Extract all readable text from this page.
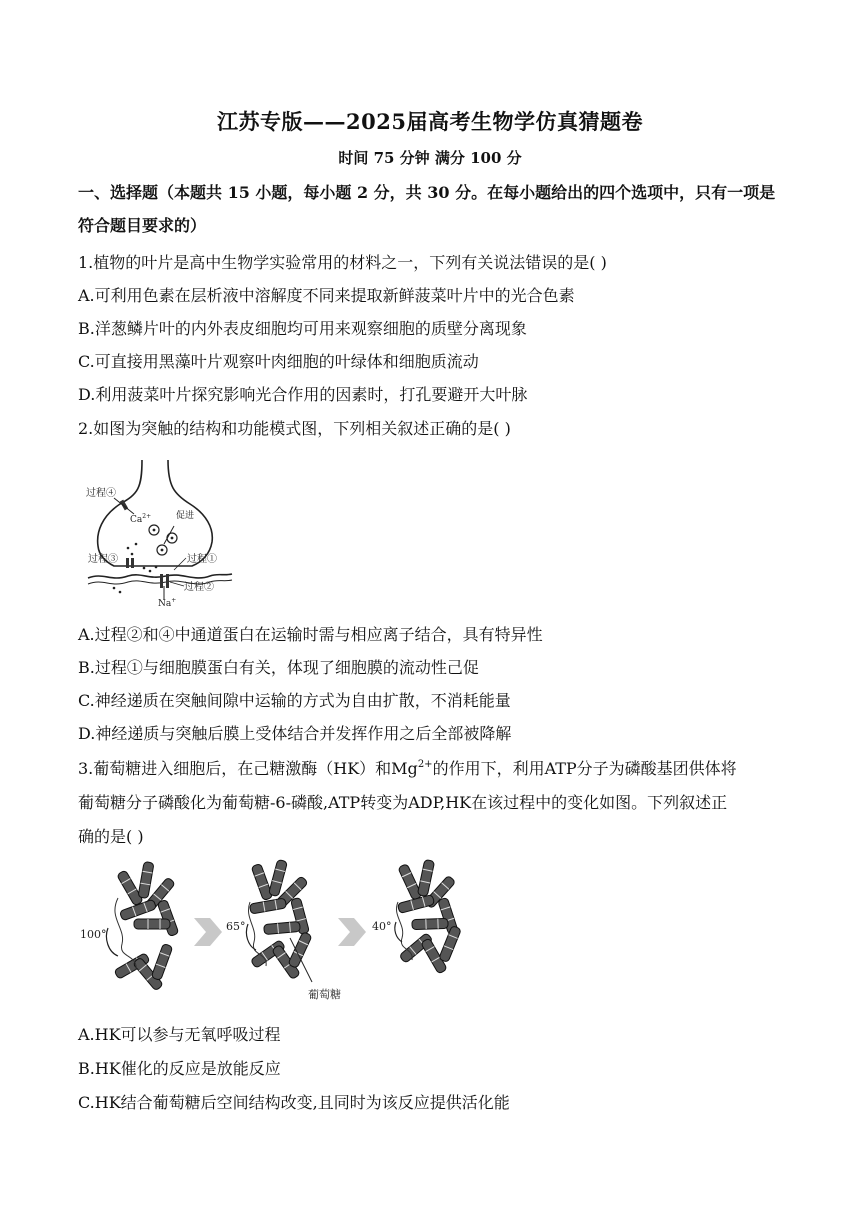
江苏专版——2025届高考生物学仿真猜题卷
时间 75 分钟 满分 100 分
一、选择题（本题共 15 小题，每小题 2 分，共 30 分。在每小题给出的四个选项中，只有一项是符合题目要求的）
1.植物的叶片是高中生物学实验常用的材料之一，下列有关说法错误的是( )
A.可利用色素在层析液中溶解度不同来提取新鲜菠菜叶片中的光合色素
B.洋葱鳞片叶的内外表皮细胞均可用来观察细胞的质壁分离现象
C.可直接用黑藻叶片观察叶肉细胞的叶绿体和细胞质流动
D.利用菠菜叶片探究影响光合作用的因素时，打孔要避开大叶脉
2.如图为突触的结构和功能模式图，下列相关叙述正确的是( )
过程④
$Ca^{2+}$	促进
过程①
过程③
过程②
Na+
A.过程②和④中通道蛋白在运输时需与相应离子结合，具有特异性
B.过程①与细胞膜蛋白有关，体现了细胞膜的流动性己促
C.神经递质在突触间隙中运输的方式为自由扩散，不消耗能量
D.神经递质与突触后膜上受体结合并发挥作用之后全部被降解
3.葡萄糖进入细胞后，在己糖激酶（HK）和$Mg^{2+}$的作用下，利用ATP分子为磷酸基团供体将
葡萄糖分子磷酸化为葡萄糖-6-磷酸,ATP转变为ADP,HK在该过程中的变化如图。下列叙述正
确的是( )
100°
65°
葡萄糖
40°
A.HK可以参与无氧呼吸过程
B.HK催化的反应是放能反应
C.HK结合葡萄糖后空间结构改变,且同时为该反应提供活化能
